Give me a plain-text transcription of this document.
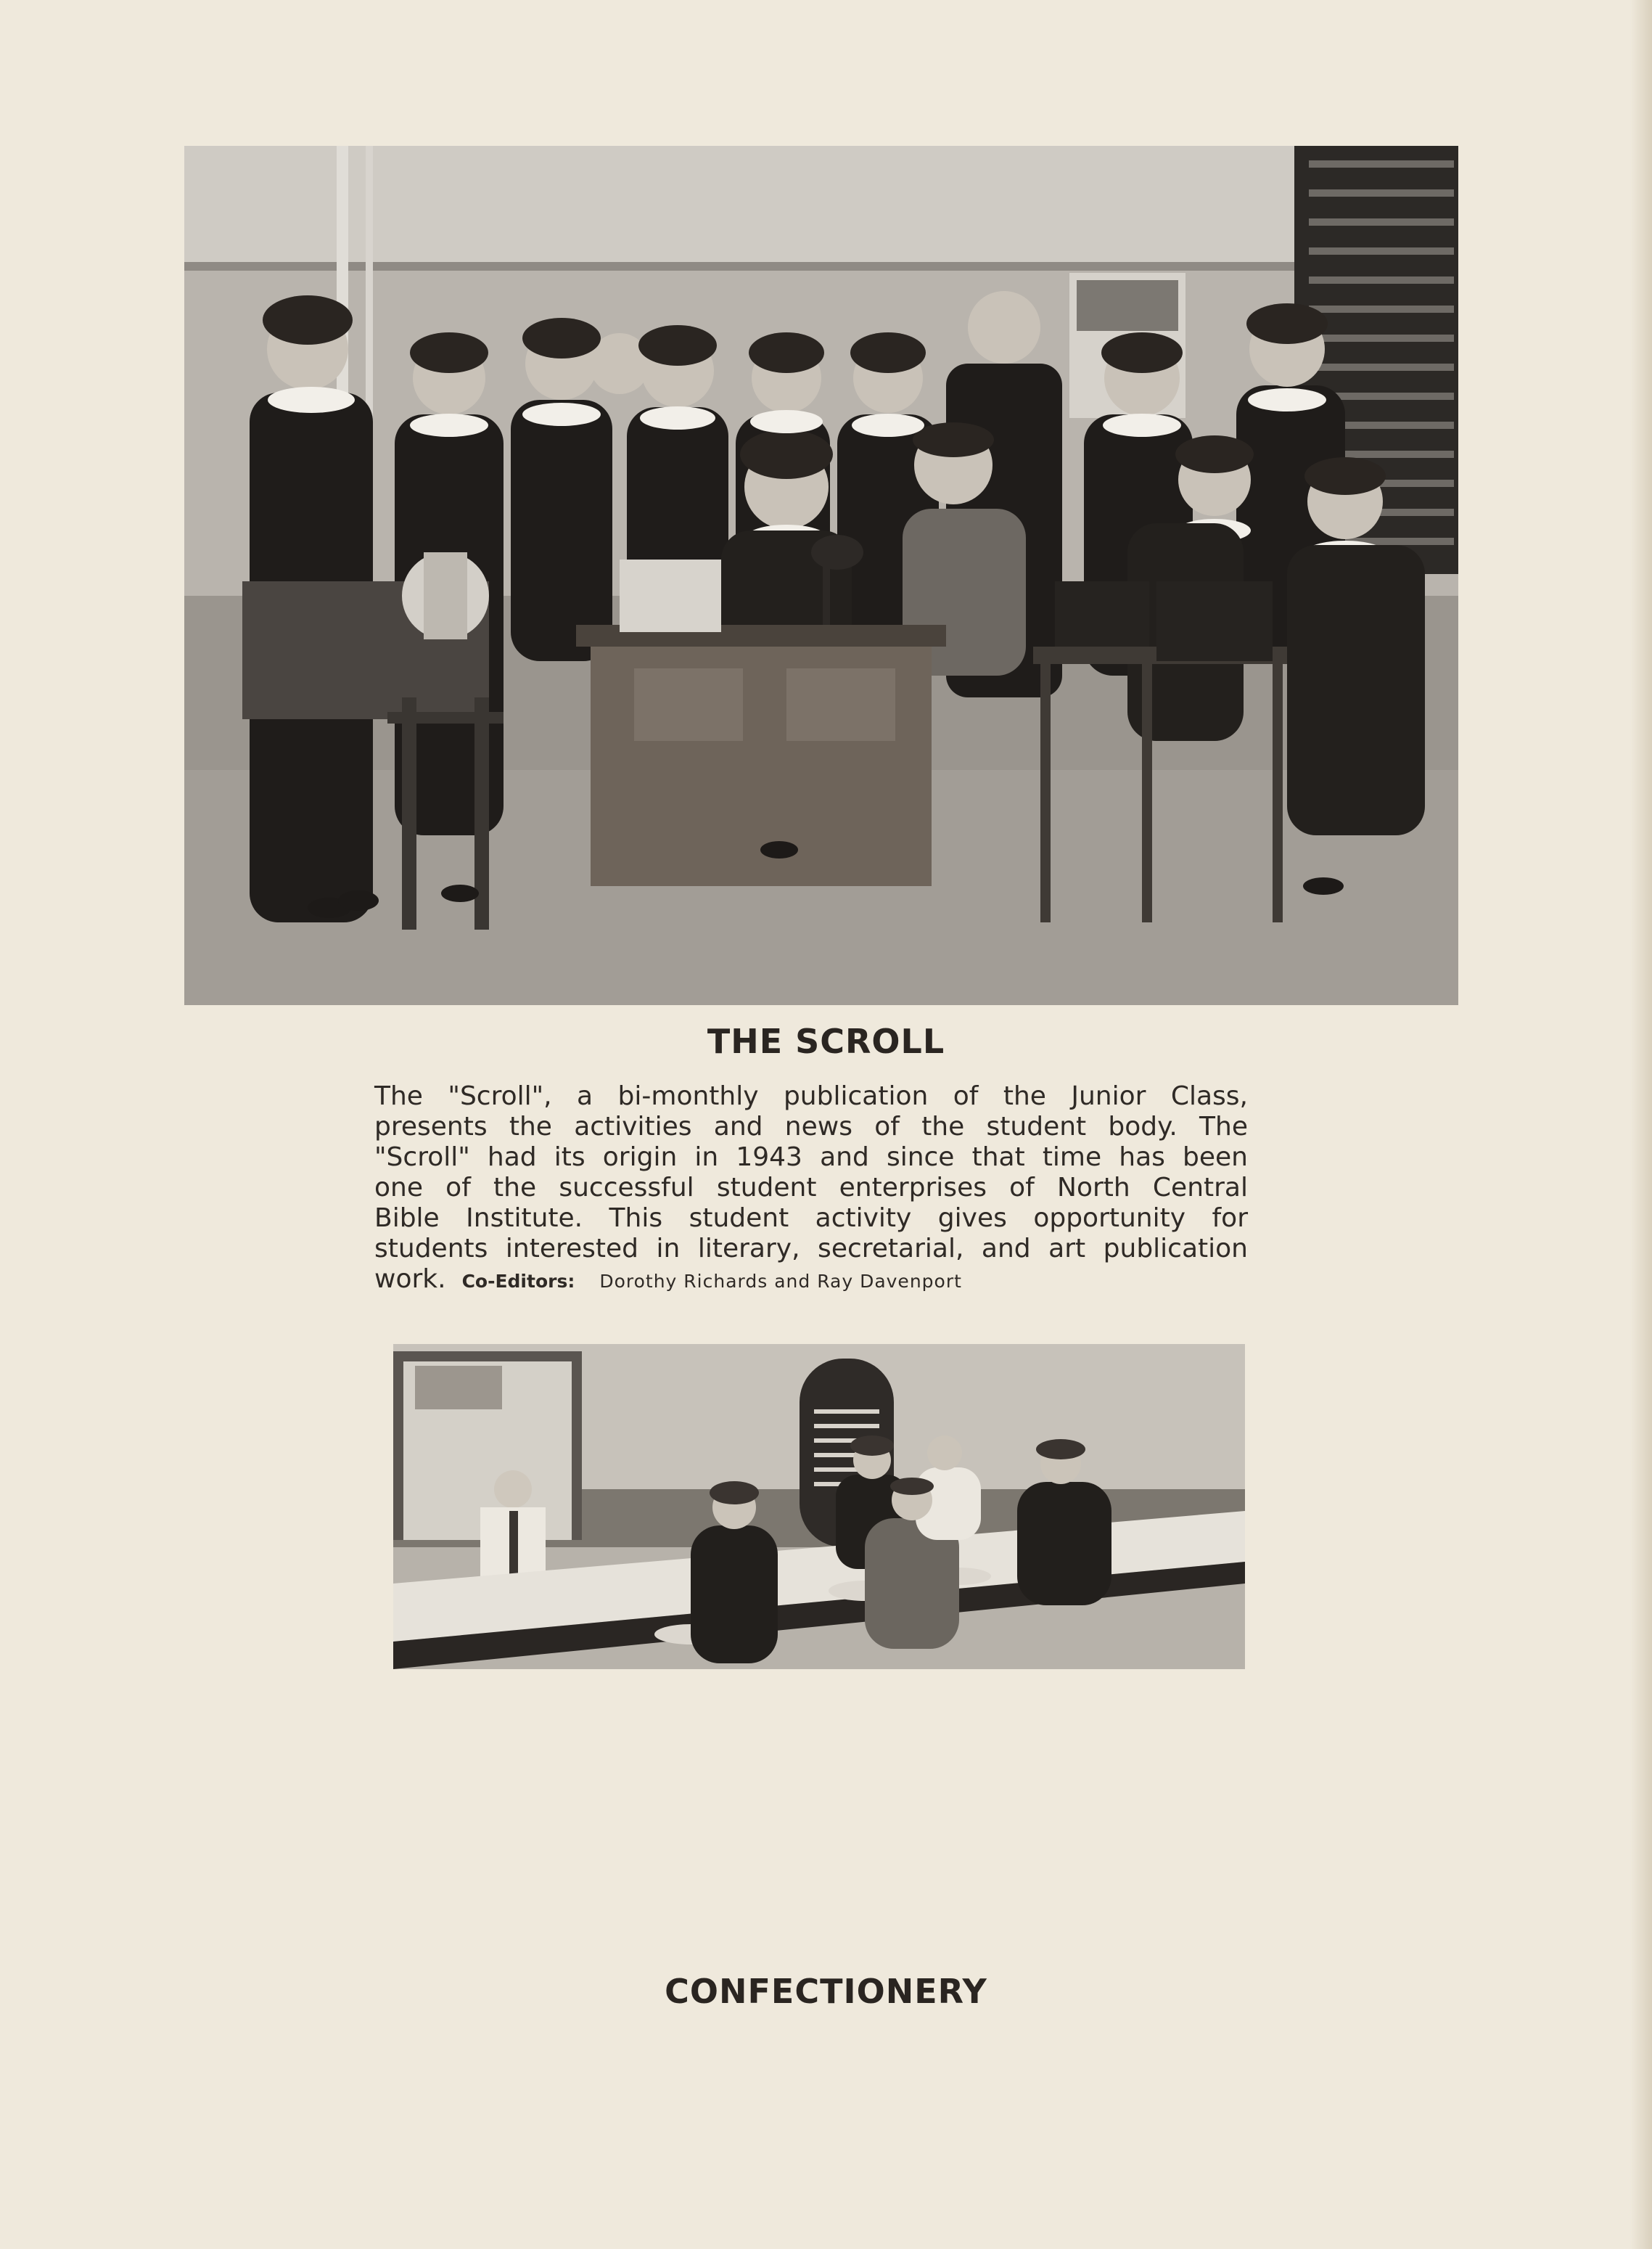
THE SCROLL
The "Scroll", a bi-monthly publication of the Junior Class,
presents the activities and news of the student body. The
"Scroll" had its origin in 1943 and since that time has been
one of the successful student enterprises of North Central
Bible Institute. This student activity gives opportunity for
students interested in literary, secretarial, and art publication
work. Co-Editors: Dorothy Richards and Ray Davenport
CONFECTIONERY
